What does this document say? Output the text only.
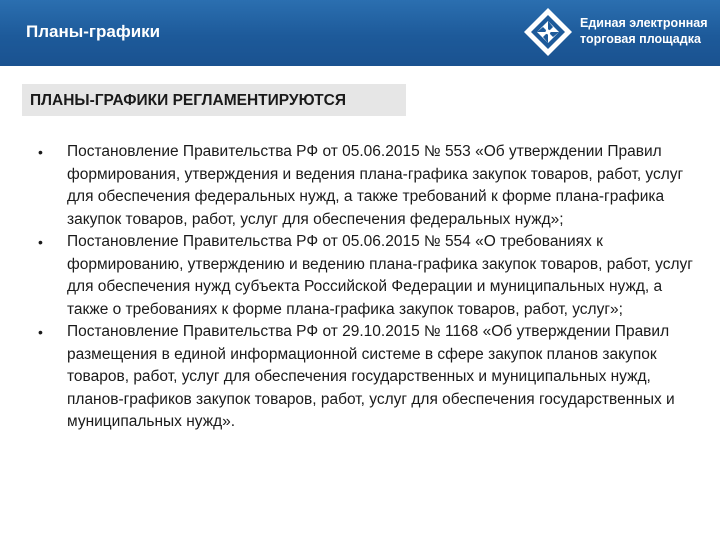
Планы-графики	Единая электронная
торговая площадка
ПЛАНЫ-ГРАФИКИ РЕГЛАМЕНТИРУЮТСЯ
• Постановление Правительства РФ от 05.06.2015 № 553 «Об утверждении Правил формирования, утверждения и ведения плана-графика закупок товаров, работ, услуг для обеспечения федеральных нужд, а также требований к форме плана-графика закупок товаров, работ, услуг для обеспечения федеральных нужд»;
• Постановление Правительства РФ от 05.06.2015 № 554 «О требованиях к формированию, утверждению и ведению плана-графика закупок товаров, работ, услуг для обеспечения нужд субъекта Российской Федерации и муниципальных нужд, а также о требованиях к форме плана-графика закупок товаров, работ, услуг»;
• Постановление Правительства РФ от 29.10.2015 № 1168 «Об утверждении Правил размещения в единой информационной системе в сфере закупок планов закупок товаров, работ, услуг для обеспечения государственных и муниципальных нужд, планов‑графиков закупок товаров, работ, услуг для обеспечения государственных и муниципальных нужд».
